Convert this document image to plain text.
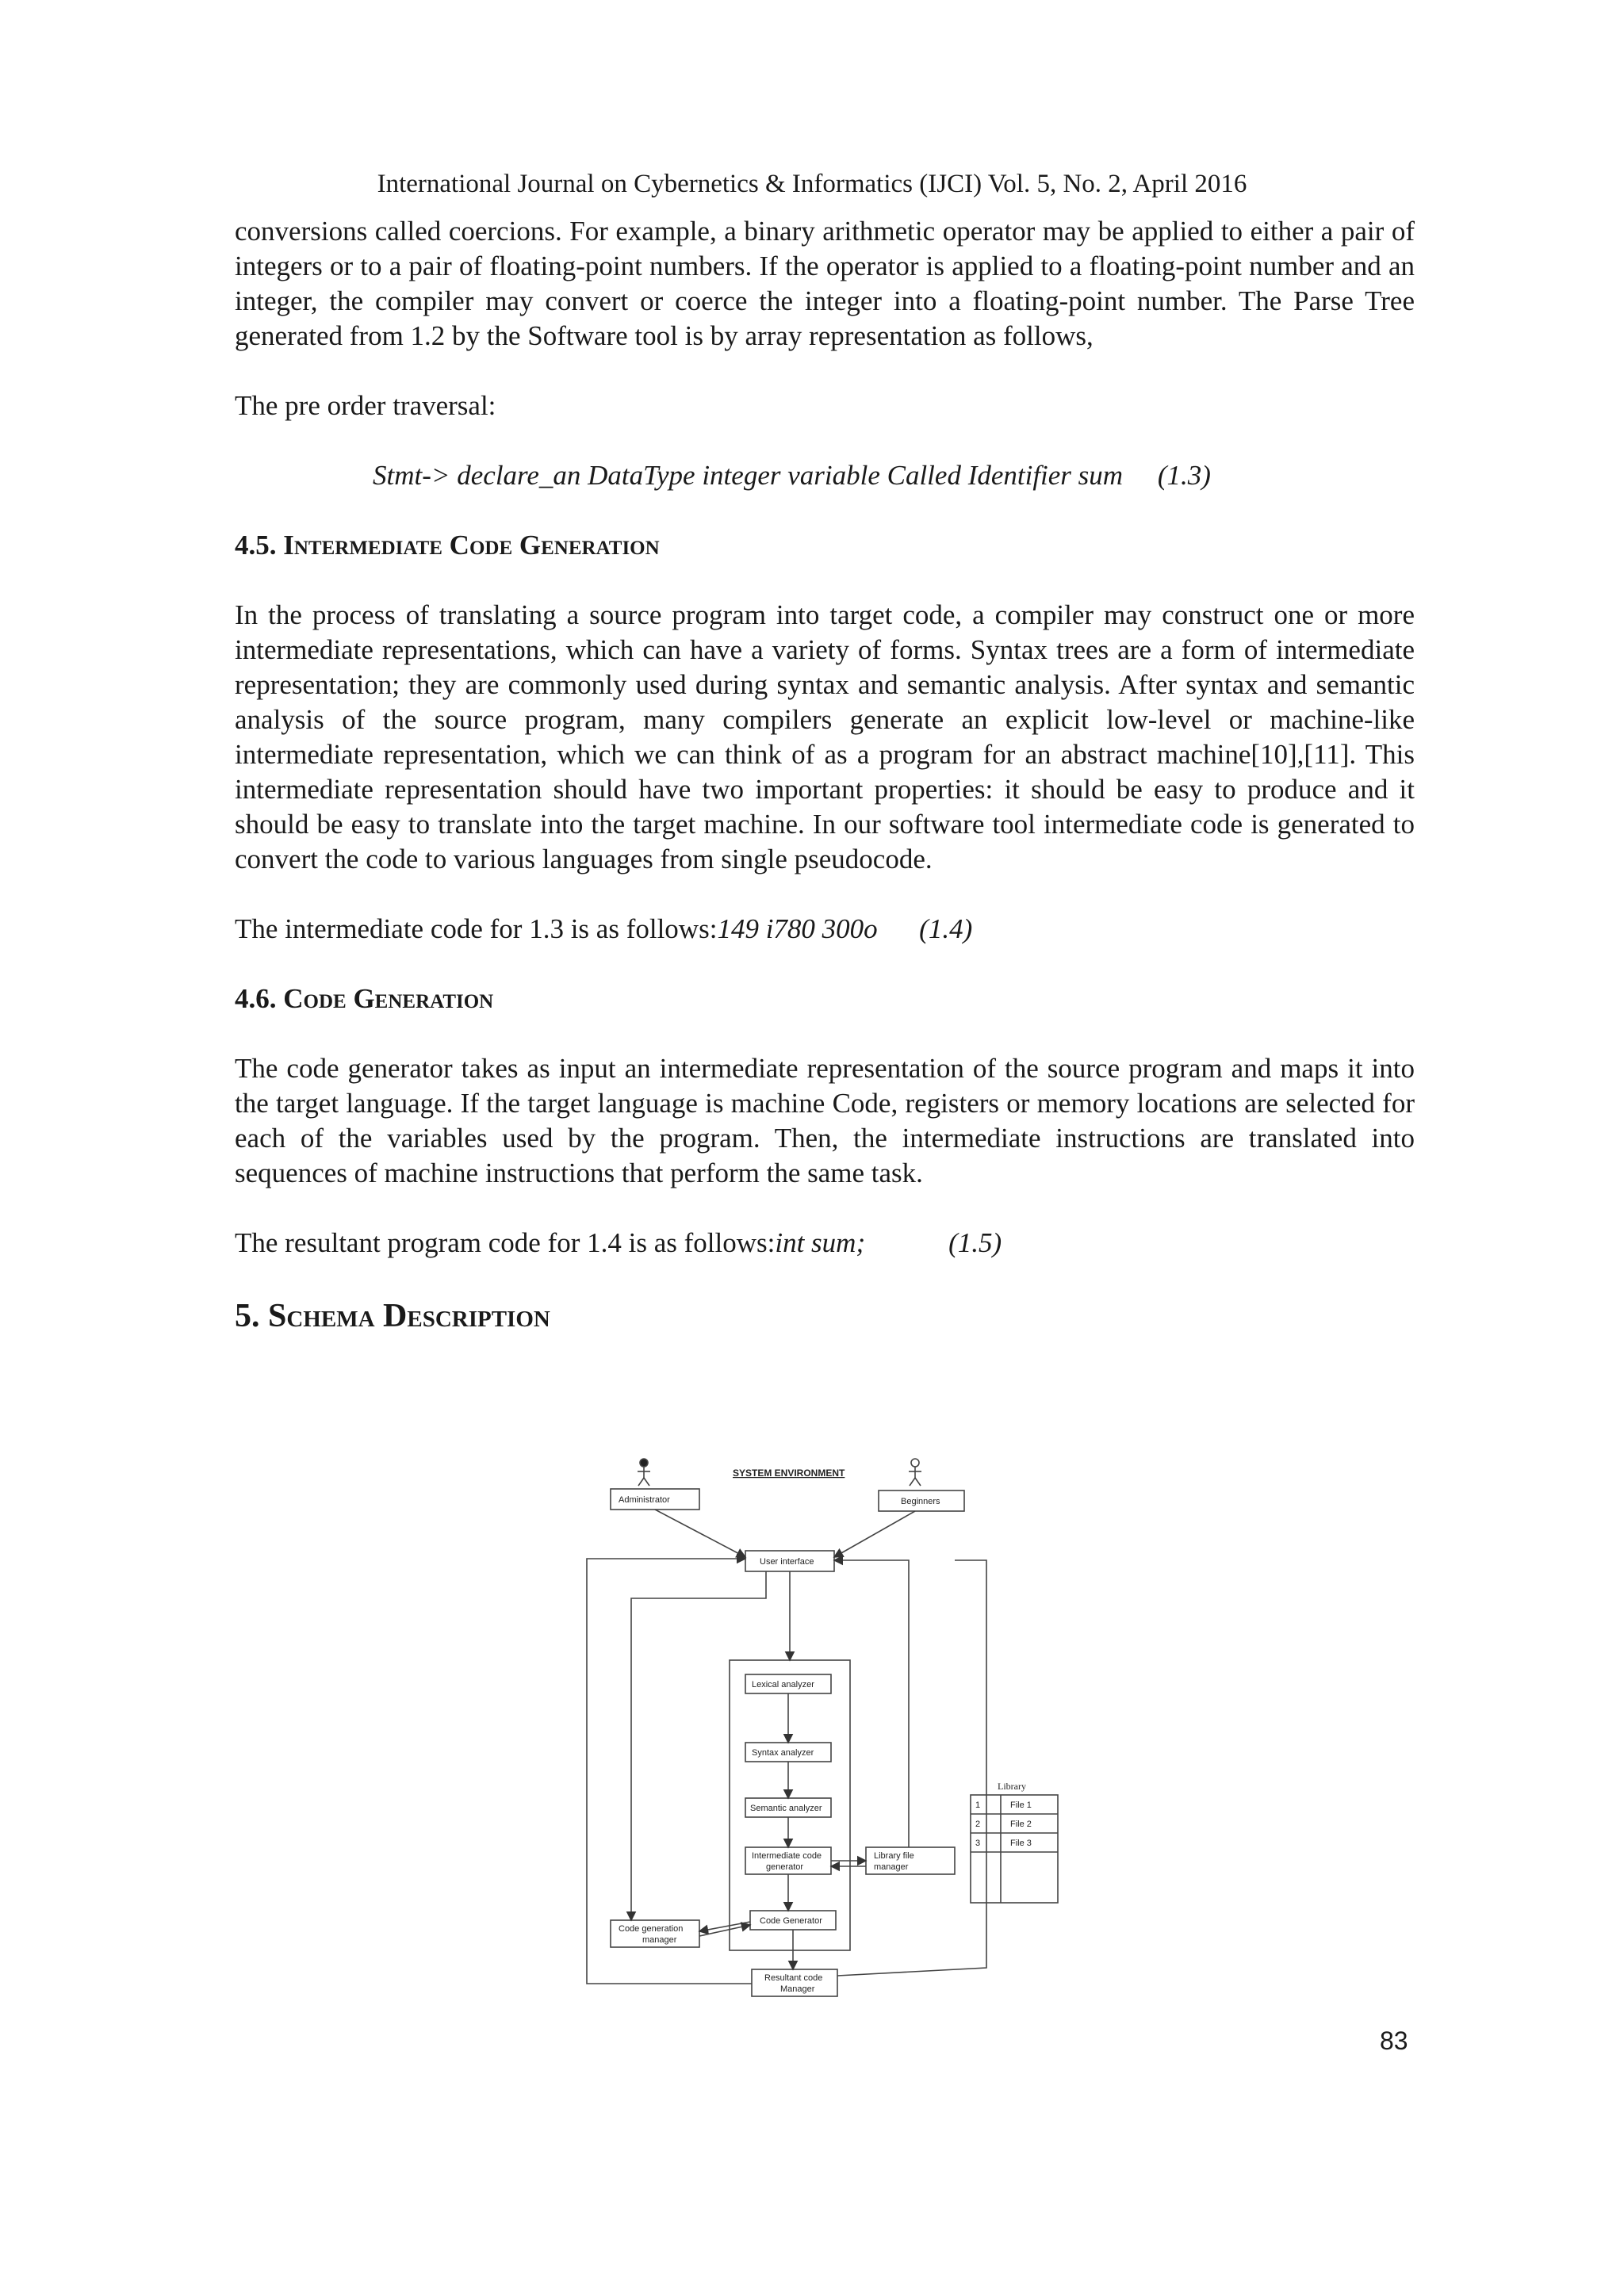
International Journal on Cybernetics & Informatics (IJCI) Vol. 5, No. 2, April 2016

conversions called coercions. For example, a binary arithmetic operator may be applied to either a pair of integers or to a pair of floating-point numbers. If the operator is applied to a floating-point number and an integer, the compiler may convert or coerce the integer into a floating-point number. The Parse Tree generated from 1.2 by the Software tool is by array representation as follows,

The pre order traversal:

Stmt-> declare_an DataType integer variable Called Identifier sum (1.3)

4.5. Intermediate Code Generation

In the process of translating a source program into target code, a compiler may construct one or more intermediate representations, which can have a variety of forms. Syntax trees are a form of intermediate representation; they are commonly used during syntax and semantic analysis. After syntax and semantic analysis of the source program, many compilers generate an explicit low-level or machine-like intermediate representation, which we can think of as a program for an abstract machine[10],[11]. This intermediate representation should have two important properties: it should be easy to produce and it should be easy to translate into the target machine. In our software tool intermediate code is generated to convert the code to various languages from single pseudocode.

The intermediate code for 1.3 is as follows:149 i780 300o (1.4)

4.6. Code Generation

The code generator takes as input an intermediate representation of the source program and maps it into the target language. If the target language is machine Code, registers or memory locations are selected for each of the variables used by the program. Then, the intermediate instructions are translated into sequences of machine instructions that perform the same task.

The resultant program code for 1.4 is as follows:int sum;	(1.5)

5. Schema Description
SYSTEM ENVIRONMENT
Administrator	Beginners
User interface
Lexical analyzer
Syntax analyzer
Semantic analyzer
Intermediate code
generator
Library file
manager
Code Generator
Code generation
manager
Resultant code
Manager
Library
1	File 1
2	File 2
3	File 3
83
